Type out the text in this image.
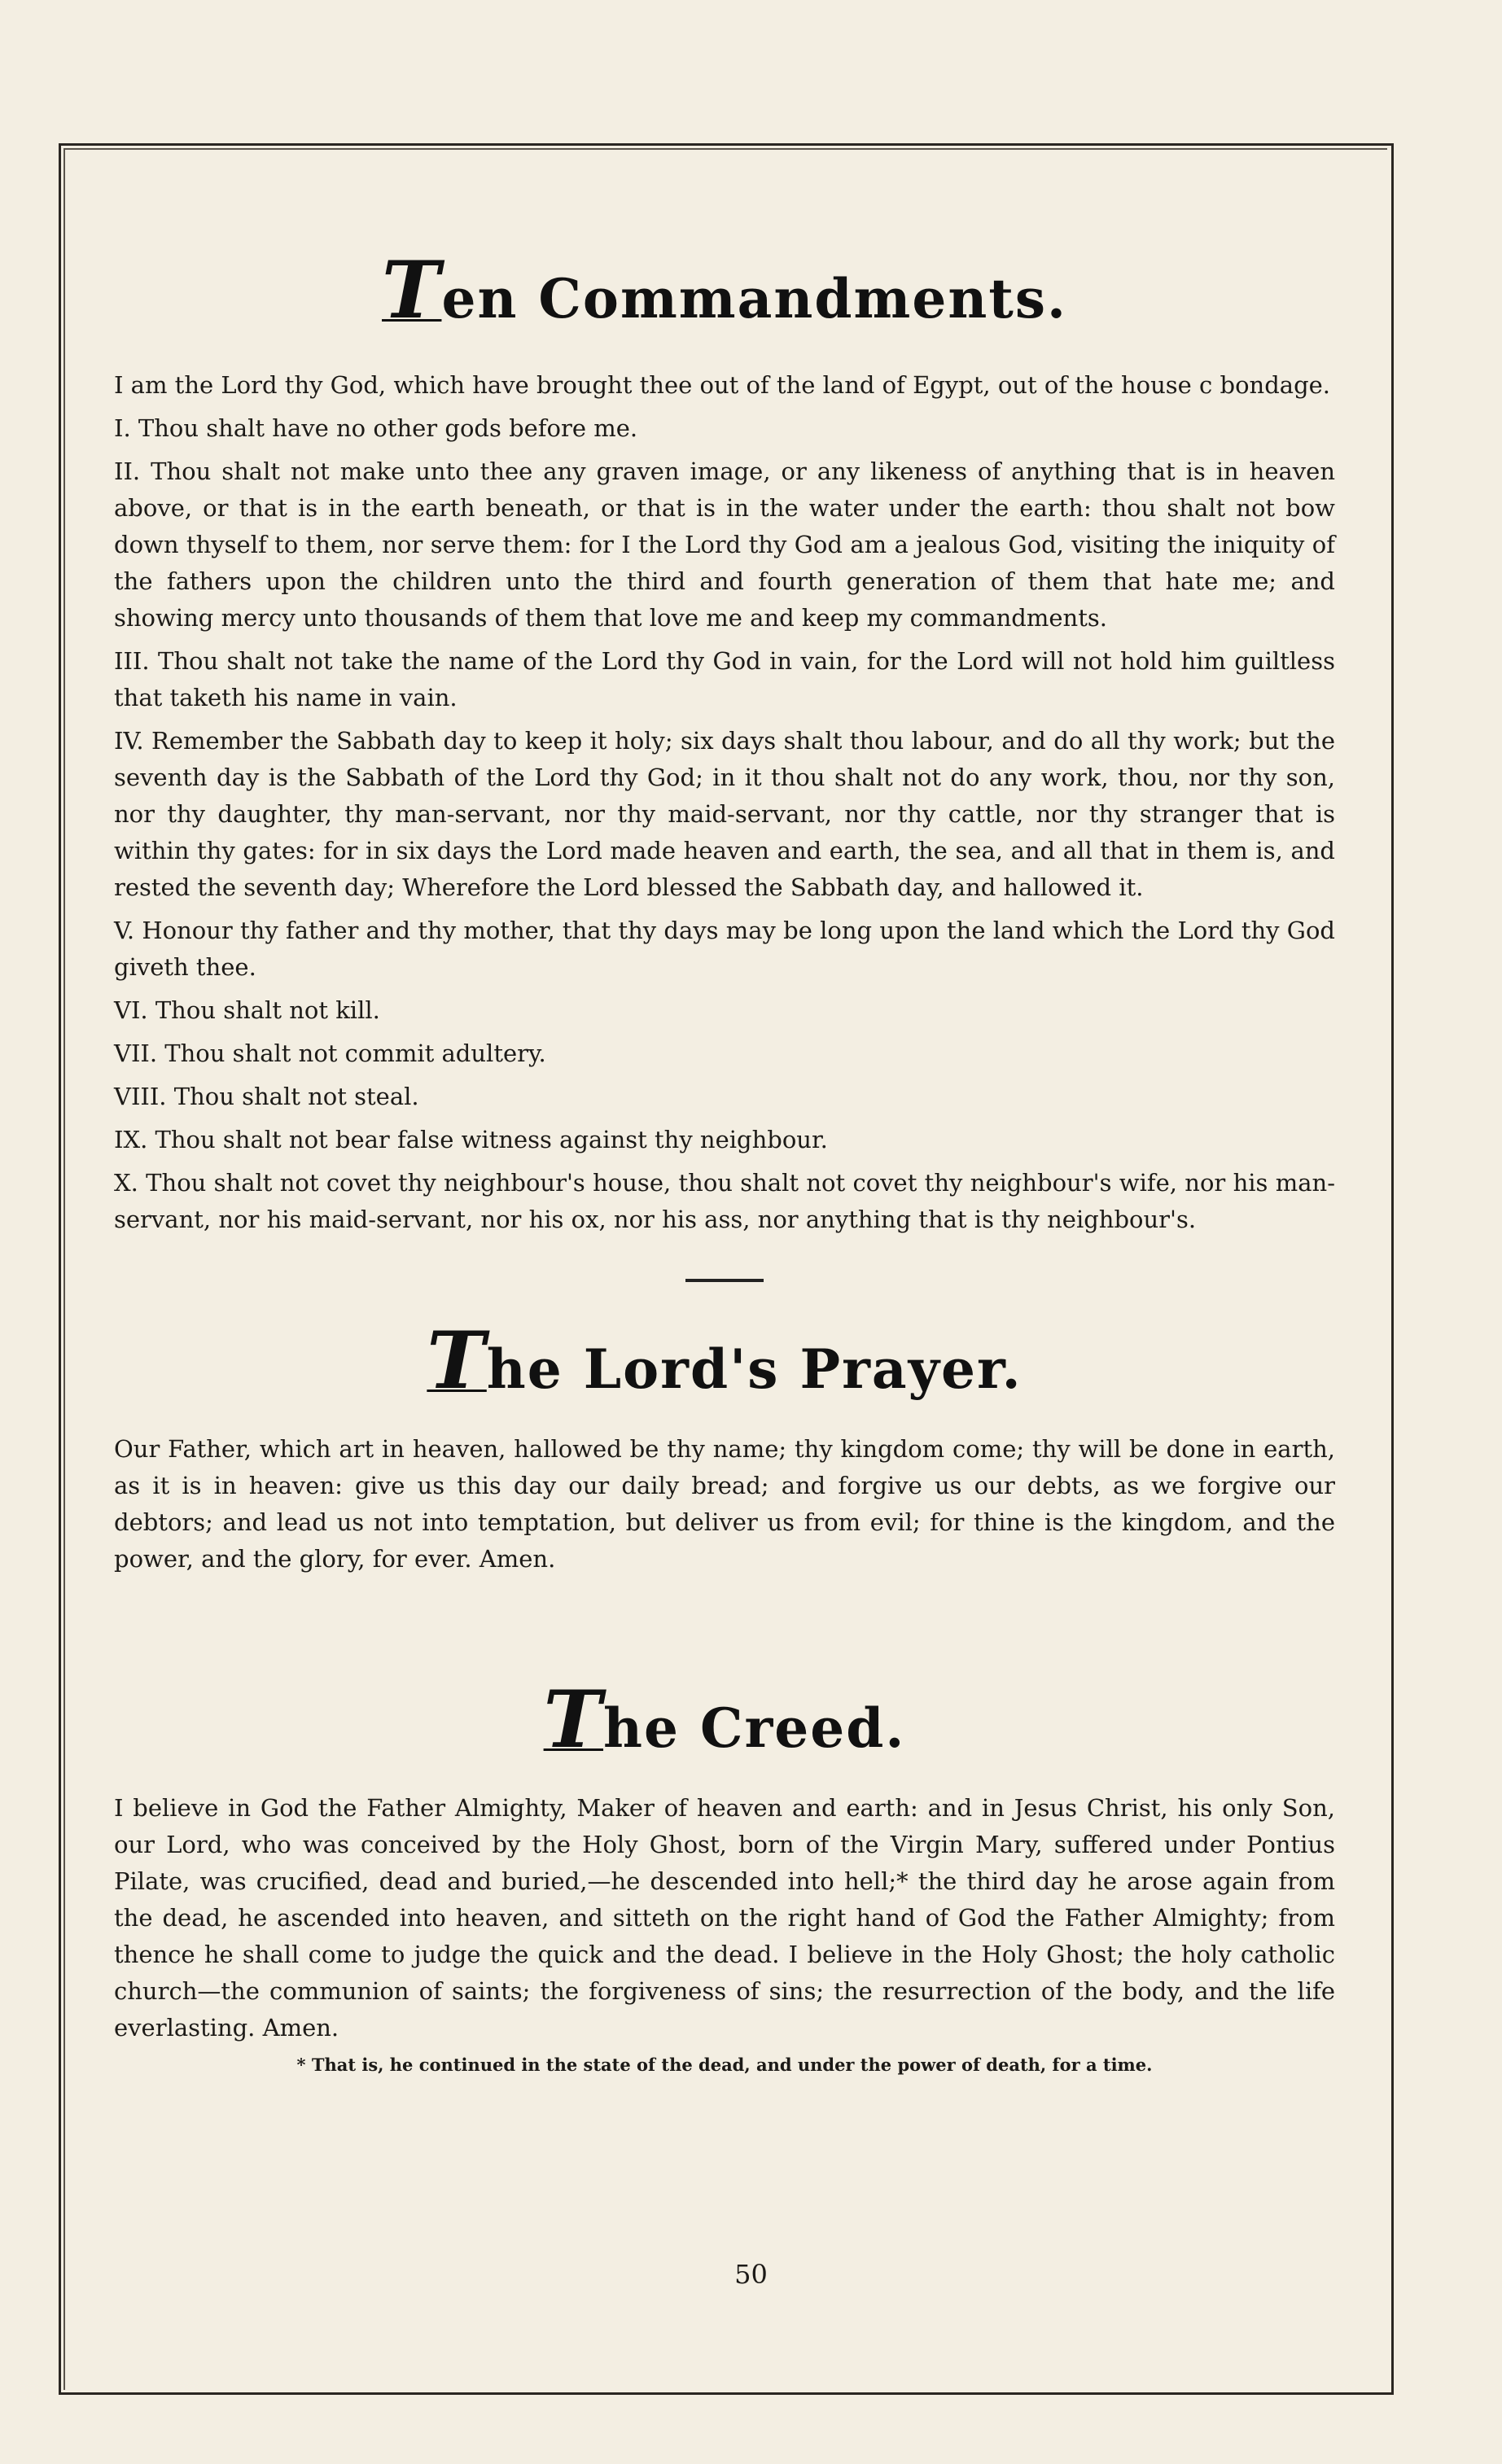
Ten Commandments.

I am the Lord thy God, which have brought thee out of the land of Egypt, out of the house c bondage.

I. Thou shalt have no other gods before me.

II. Thou shalt not make unto thee any graven image, or any likeness of anything that is in heaven above, or that is in the earth beneath, or that is in the water under the earth: thou shalt not bow down thyself to them, nor serve them: for I the Lord thy God am a jealous God, visiting the iniquity of the fathers upon the children unto the third and fourth generation of them that hate me; and showing mercy unto thousands of them that love me and keep my commandments.

III. Thou shalt not take the name of the Lord thy God in vain, for the Lord will not hold him guiltless that taketh his name in vain.

IV. Remember the Sabbath day to keep it holy; six days shalt thou labour, and do all thy work; but the seventh day is the Sabbath of the Lord thy God; in it thou shalt not do any work, thou, nor thy son, nor thy daughter, thy man-servant, nor thy maid-servant, nor thy cattle, nor thy stranger that is within thy gates: for in six days the Lord made heaven and earth, the sea, and all that in them is, and rested the seventh day; Wherefore the Lord blessed the Sabbath day, and hallowed it.

V. Honour thy father and thy mother, that thy days may be long upon the land which the Lord thy God giveth thee.

VI. Thou shalt not kill.

VII. Thou shalt not commit adultery.

VIII. Thou shalt not steal.

IX. Thou shalt not bear false witness against thy neighbour.

X. Thou shalt not covet thy neighbour's house, thou shalt not covet thy neighbour's wife, nor his man-servant, nor his maid-servant, nor his ox, nor his ass, nor anything that is thy neighbour's.

The Lord's Prayer.

Our Father, which art in heaven, hallowed be thy name; thy kingdom come; thy will be done in earth, as it is in heaven: give us this day our daily bread; and forgive us our debts, as we forgive our debtors; and lead us not into temptation, but deliver us from evil; for thine is the kingdom, and the power, and the glory, for ever. Amen.

The Creed.

I believe in God the Father Almighty, Maker of heaven and earth: and in Jesus Christ, his only Son, our Lord, who was conceived by the Holy Ghost, born of the Virgin Mary, suffered under Pontius Pilate, was crucified, dead and buried,—he descended into hell;* the third day he arose again from the dead, he ascended into heaven, and sitteth on the right hand of God the Father Almighty; from thence he shall come to judge the quick and the dead. I believe in the Holy Ghost; the holy catholic church—the communion of saints; the forgiveness of sins; the resurrection of the body, and the life everlasting. Amen.

* That is, he continued in the state of the dead, and under the power of death, for a time.

50
